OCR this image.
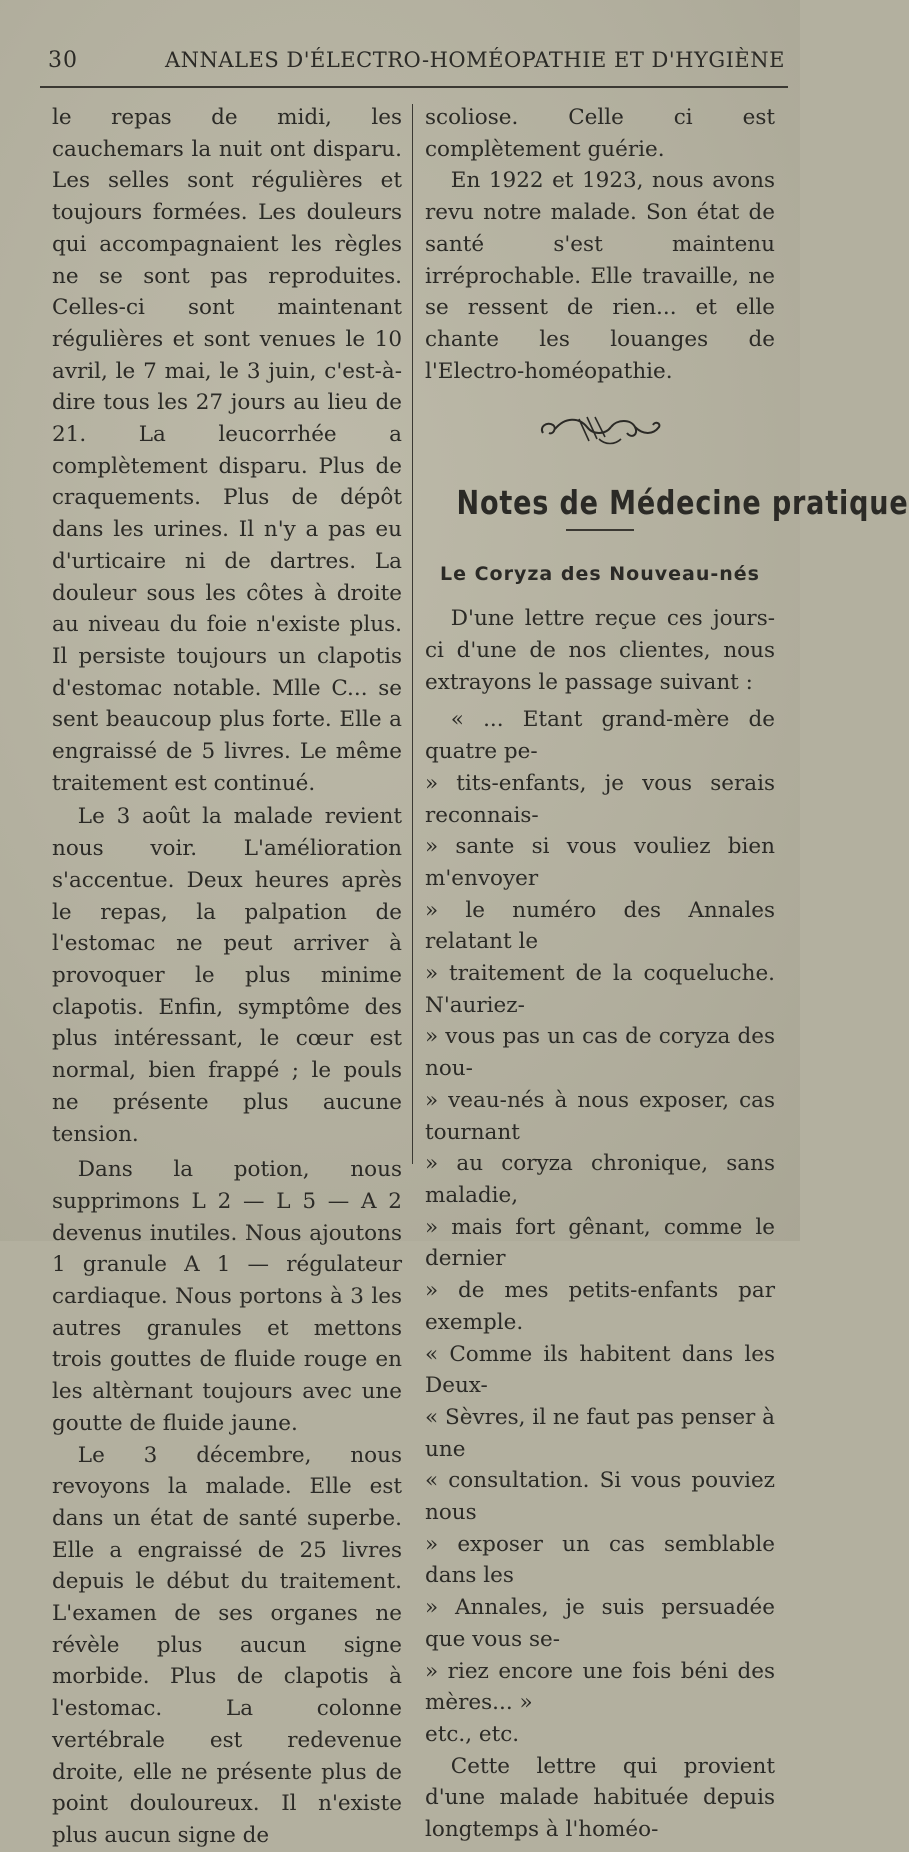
30	ANNALES D'ÉLECTRO-HOMÉOPATHIE ET D'HYGIÈNE

le repas de midi, les cauchemars la nuit ont disparu. Les selles sont régulières et toujours formées. Les douleurs qui accompagnaient les règles ne se sont pas reproduites. Celles-ci sont maintenant régulières et sont venues le 10 avril, le 7 mai, le 3 juin, c'est-à-dire tous les 27 jours au lieu de 21. La leucorrhée a complètement disparu. Plus de craquements. Plus de dépôt dans les urines. Il n'y a pas eu d'urticaire ni de dartres. La douleur sous les côtes à droite au niveau du foie n'existe plus. Il persiste toujours un clapotis d'estomac notable. Mlle C... se sent beaucoup plus forte. Elle a engraissé de 5 livres. Le même traitement est continué.

Le 3 août la malade revient nous voir. L'amélioration s'accentue. Deux heures après le repas, la palpation de l'estomac ne peut arriver à provoquer le plus minime clapotis. Enfin, symptôme des plus intéressant, le cœur est normal, bien frappé ; le pouls ne présente plus aucune tension.

Dans la potion, nous supprimons L 2 — L 5 — A 2 devenus inutiles. Nous ajoutons 1 granule A 1 — régulateur cardiaque. Nous portons à 3 les autres granules et mettons trois gouttes de fluide rouge en les altèrnant toujours avec une goutte de fluide jaune.

Le 3 décembre, nous revoyons la malade. Elle est dans un état de santé superbe. Elle a engraissé de 25 livres depuis le début du traitement. L'examen de ses organes ne révèle plus aucun signe morbide. Plus de clapotis à l'estomac. La colonne vertébrale est redevenue droite, elle ne présente plus de point douloureux. Il n'existe plus aucun signe de

scoliose. Celle ci est complètement guérie.

En 1922 et 1923, nous avons revu notre malade. Son état de santé s'est maintenu irréprochable. Elle travaille, ne se ressent de rien... et elle chante les louanges de l'Electro-homéopathie.

Notes de Médecine pratique
Le Coryza des Nouveau-nés

D'une lettre reçue ces jours-ci d'une de nos clientes, nous extrayons le passage suivant :

« ... Etant grand-mère de quatre pe-

» tits-enfants, je vous serais reconnais-

» sante si vous vouliez bien m'envoyer

» le numéro des Annales relatant le

» traitement de la coqueluche. N'auriez-

» vous pas un cas de coryza des nou-

» veau-nés à nous exposer, cas tournant

» au coryza chronique, sans maladie,

» mais fort gênant, comme le dernier

» de mes petits-enfants par exemple.

« Comme ils habitent dans les Deux-

« Sèvres, il ne faut pas penser à une

« consultation. Si vous pouviez nous

» exposer un cas semblable dans les

» Annales, je suis persuadée que vous se-

» riez encore une fois béni des mères... »

etc., etc.

Cette lettre qui provient d'une malade habituée depuis longtemps à l'homéo-
